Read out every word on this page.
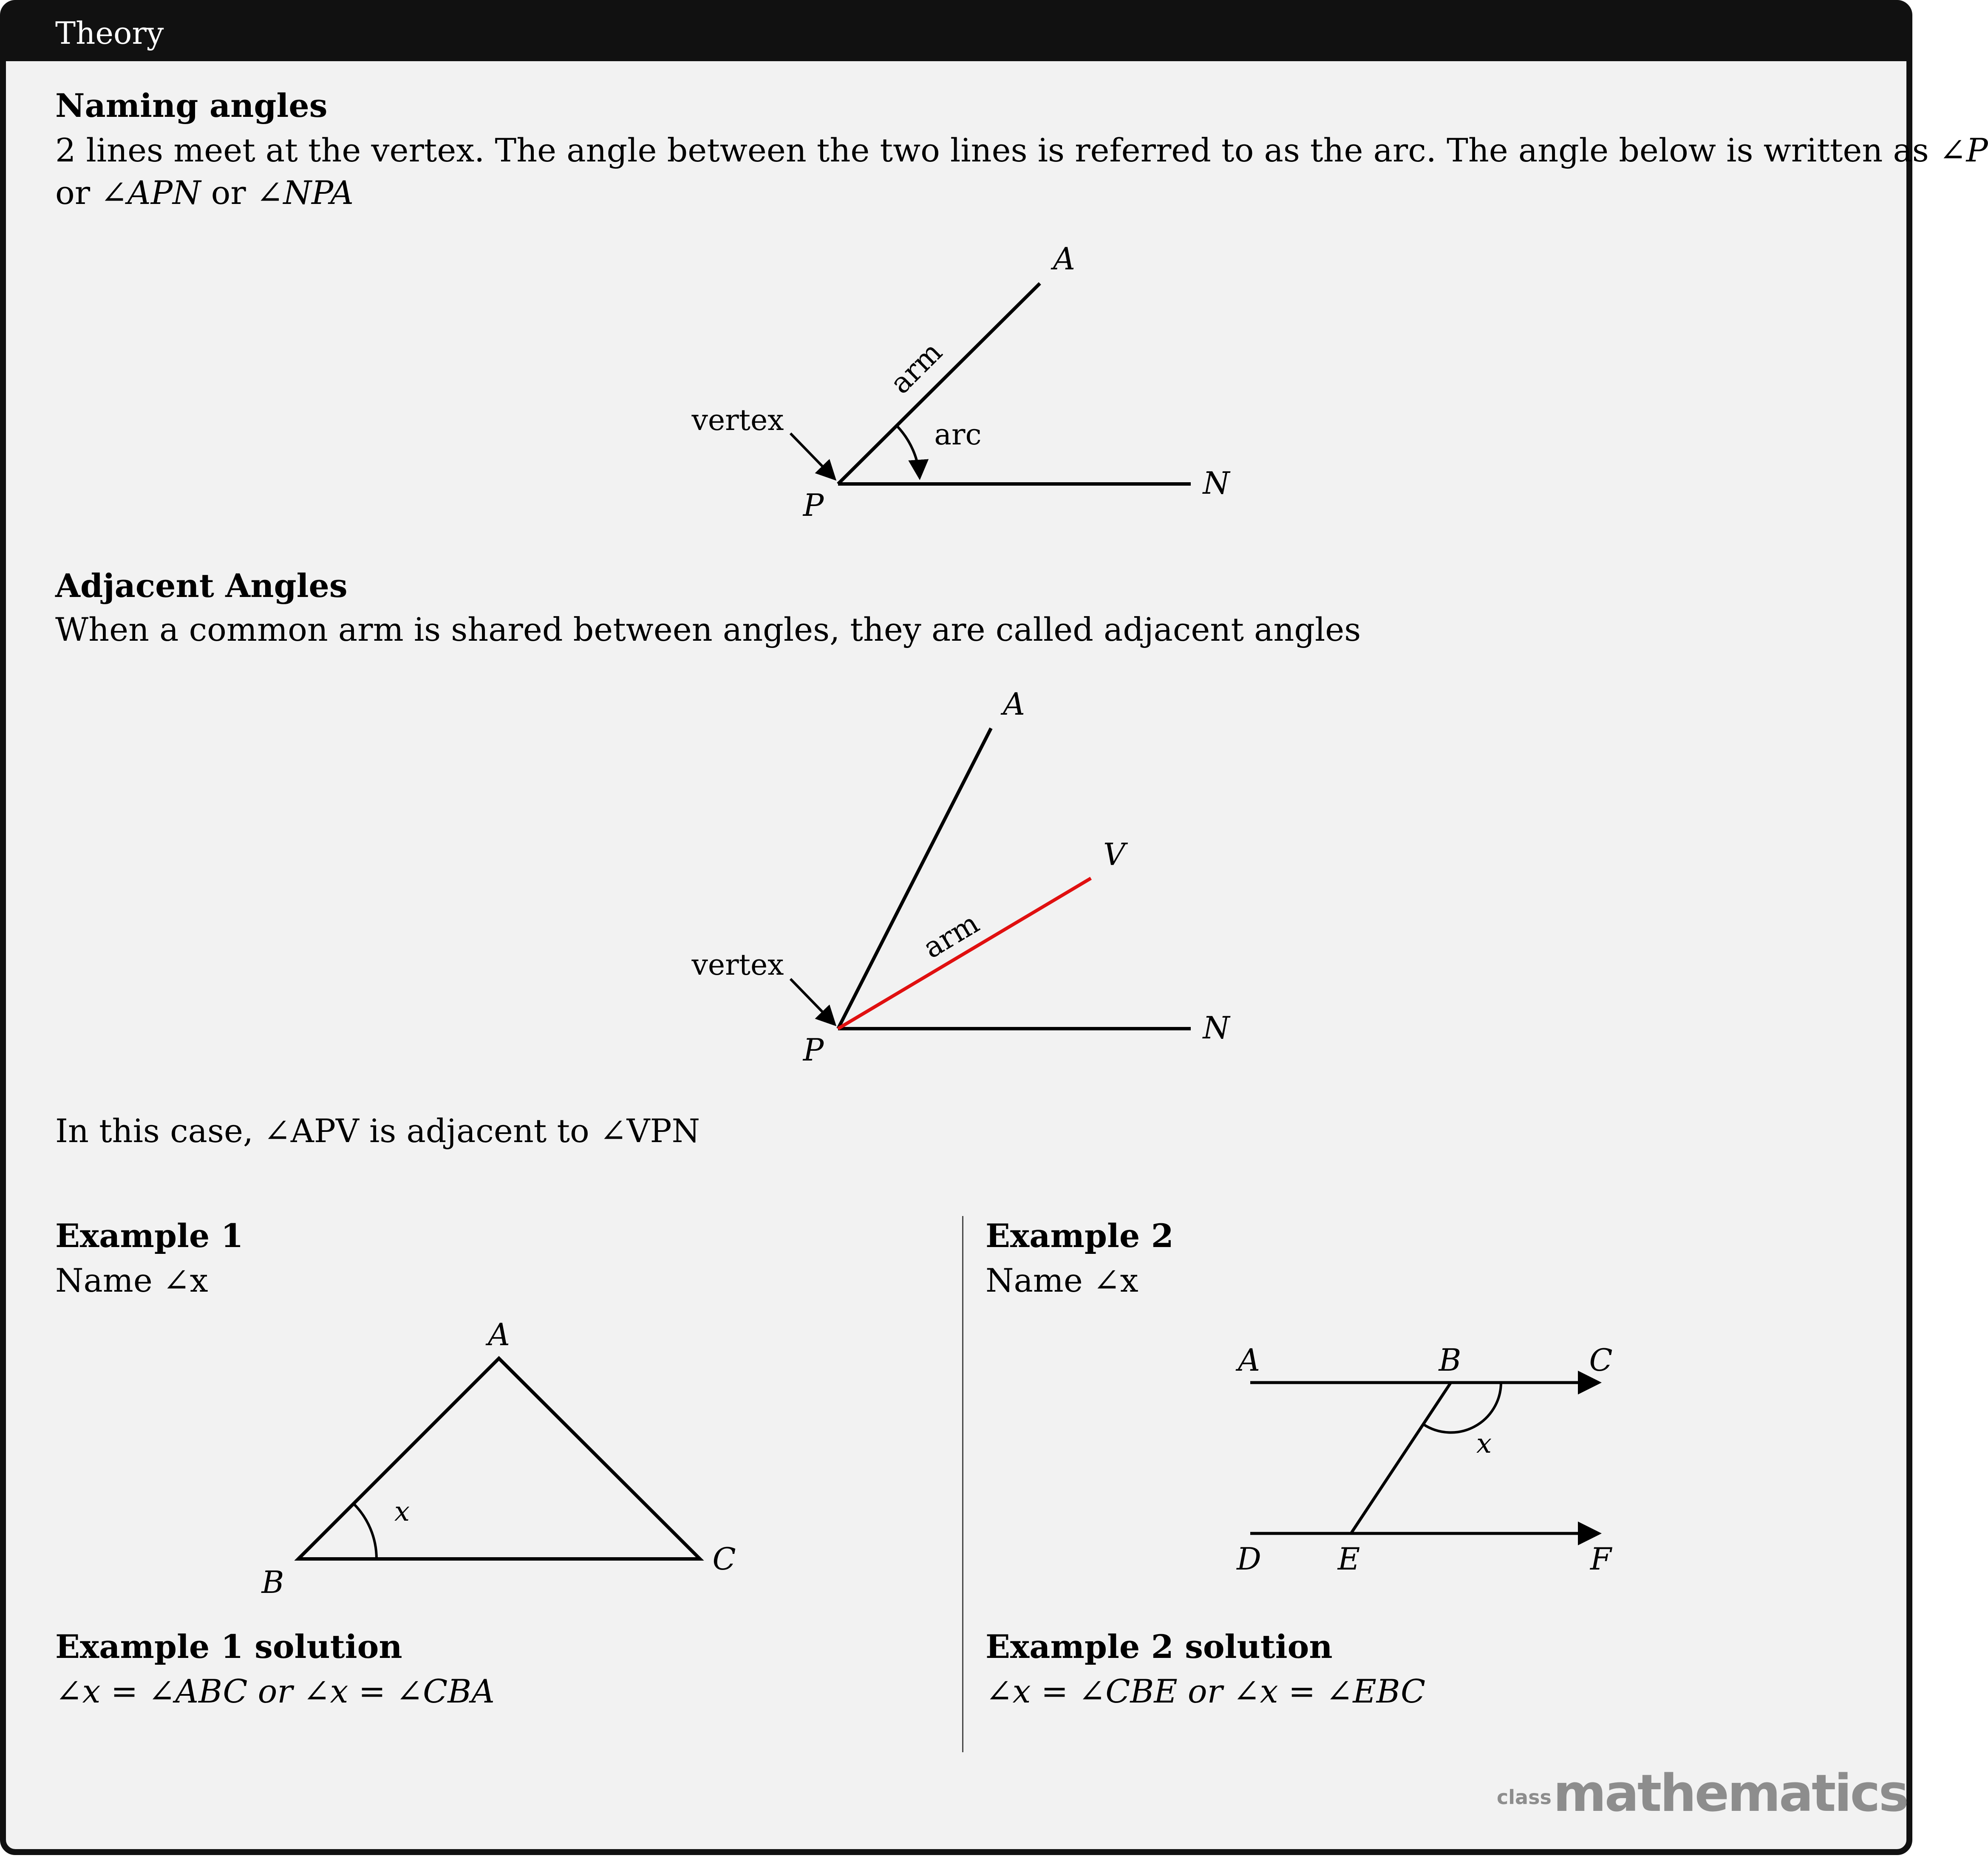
Theory
Naming angles
2 lines meet at the vertex. The angle between the two lines is referred to as the arc. The angle below is written as ∠P
or ∠APN or ∠NPA
A
P
N
arc
vertex
arm
Adjacent Angles
When a common arm is shared between angles, they are called adjacent angles
A
V
P
N
vertex	arm
In this case, ∠APV is adjacent to ∠VPN
Example 1
Name ∠x
A
B
C
x
Example 1 solution
∠x = ∠ABC or ∠x = ∠CBA
Example 2
Name ∠x
A	B	C
D E	F
x
Example 2 solution
∠x = ∠CBE or ∠x = ∠EBC
classmathematics
